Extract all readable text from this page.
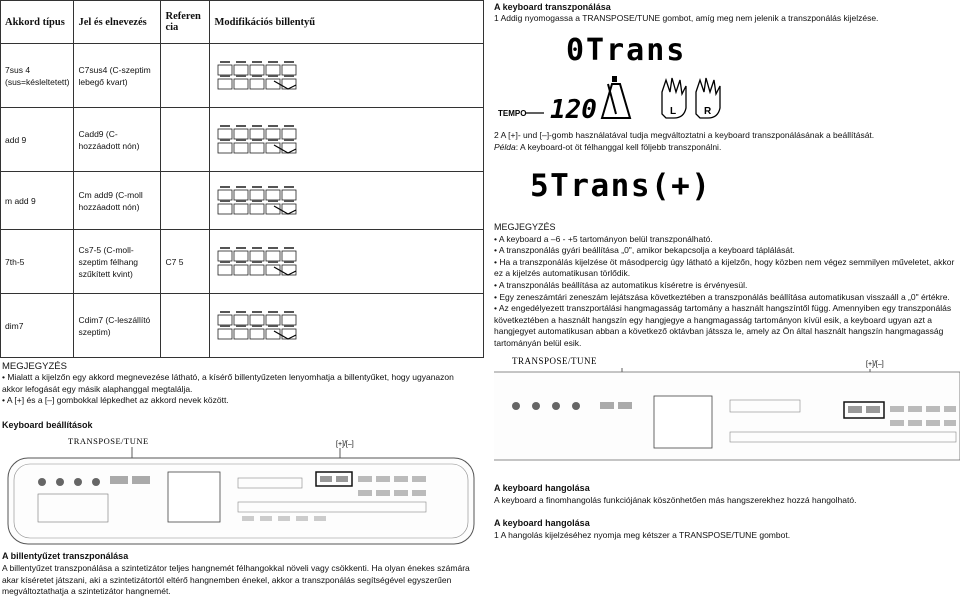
Akkord típus	Jel és elnevezés	Referen cia	Modifikációs billentyű
7sus 4 (sus=késleltetett)	C7sus4 (C-szeptim lebegő kvart)		

add 9	Cadd9 (C-hozzáadott nón)		

m add 9	Cm add9 (C-moll hozzáadott nón)		

7th-5	Cs7-5 (C-moll-szeptim félhang szűkített kvint)	C7 5	

dim7	Cdim7 (C-leszállító szeptim)		
MEGJEGYZÉS
• Mialatt a kijelzőn egy akkord megnevezése látható, a kísérő billentyűzeten lenyomhatja a billentyűket, hogy ugyanazon akkor lefogását egy másik alaphanggal megtalálja.
• A [+] és a [–] gombokkal lépkedhet az akkord nevek között.
Keyboard beállítások
TRANSPOSE/TUNE	[+]/[–]
A billentyűzet transzponálása
A billentyűzet transzponálása a szintetizátor teljes hangnemét félhangokkal növeli vagy csökkenti. Ha olyan énekes számára akar kíséretet játszani, aki a szintetizátortól eltérő hangnemben énekel, akkor a transzponálás segítségével egyszerűen megváltoztathatja a szintetizátor hangnemét.
A keyboard transzponálása
1 Addig nyomogassa a TRANSPOSE/TUNE gombot, amíg meg nem jelenik a transzponálás kijelzése.
0Trans
TEMPO 120	L	R
2 A [+]- und [–]-gomb használatával tudja megváltoztatni a keyboard transzponálásának a beállítását.
Példa: A keyboard-ot öt félhanggal kell följebb transzponálni.
5Trans(+)
MEGJEGYZÉS
• A keyboard a –6 - +5 tartományon belül transzponálható.
• A transzponálás gyári beállítása „0", amikor bekapcsolja a keyboard táplálását.
• Ha a transzponálás kijelzése öt másodpercig úgy látható a kijelzőn, hogy közben nem végez semmilyen műveletet, akkor ez a kijelzés automatikusan törlődik.
• A transzponálás beállítása az automatikus kíséretre is érvényesül.
• Egy zeneszámtári zeneszám lejátszása következtében a transzponálás beállítása automatikusan visszaáll a „0" értékre.
• Az engedélyezett transzportálási hangmagasság tartomány a használt hangszíntől függ. Amennyiben egy transzponálás következtében a használt hangszín egy hangjegye a hangmagasság tartományon kívül esik, a keyboard ugyan azt a hangjegyet automatikusan abban a következő oktávban játssza le, amely az Ön által használt hangszín hangmagasság tartományán belül esik.
TRANSPOSE/TUNE	[+]/[–]
A keyboard hangolása
A keyboard a finomhangolás funkciójának köszönhetően más hangszerekhez hozzá hangolható.
A keyboard hangolása
1 A hangolás kijelzéséhez nyomja meg kétszer a TRANSPOSE/TUNE gombot.
